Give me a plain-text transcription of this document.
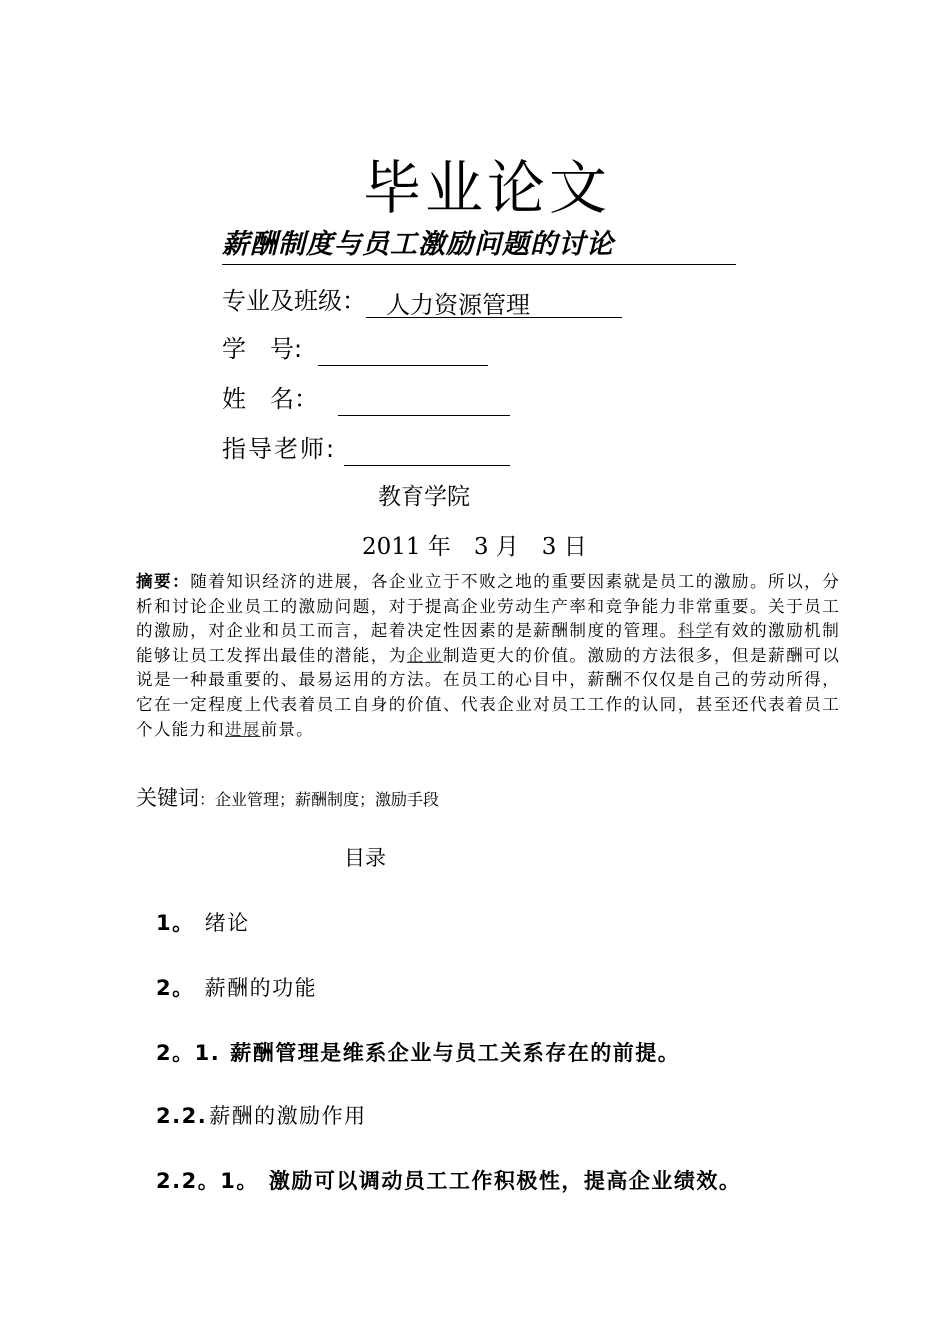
毕业论文
薪酬制度与员工激励问题的讨论
专业及班级： 人力资源管理
学　号:
姓　名：
指导老师:
教育学院
2011 年　3 月　3 日
摘要：随着知识经济的进展，各企业立于不败之地的重要因素就是员工的激励。所以，分析和讨论企业员工的激励问题，对于提高企业劳动生产率和竞争能力非常重要。关于员工的激励，对企业和员工而言，起着决定性因素的是薪酬制度的管理。科学有效的激励机制能够让员工发挥出最佳的潜能，为企业制造更大的价值。激励的方法很多，但是薪酬可以说是一种最重要的、最易运用的方法。在员工的心目中，薪酬不仅仅是自己的劳动所得，它在一定程度上代表着员工自身的价值、代表企业对员工工作的认同，甚至还代表着员工个人能力和进展前景。
关键词：企业管理；薪酬制度；激励手段
目录
1。 绪论
2。 薪酬的功能
2。1. 薪酬管理是维系企业与员工关系存在的前提。
2.2.薪酬的激励作用
2.2。1。 激励可以调动员工工作积极性，提高企业绩效。
